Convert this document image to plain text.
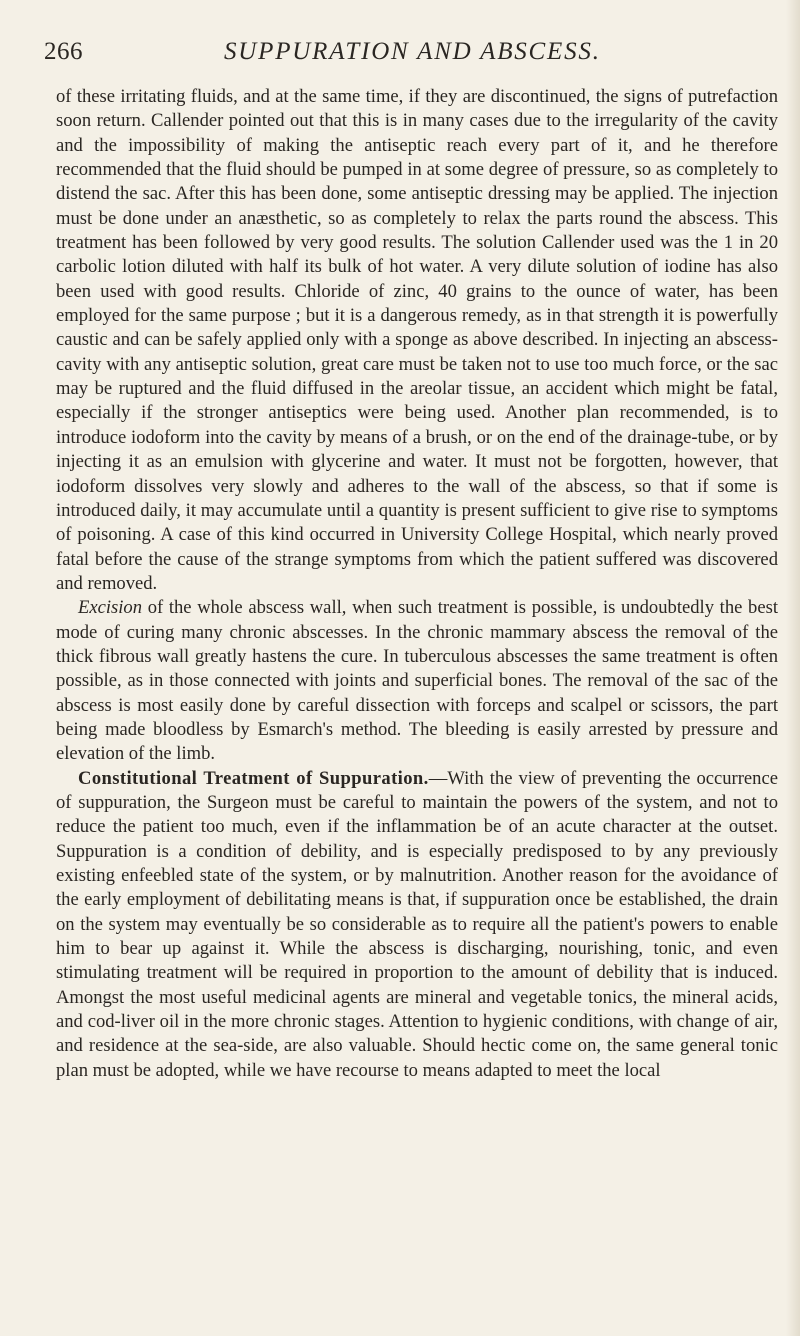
266	SUPPURATION AND ABSCESS.

of these irritating fluids, and at the same time, if they are discontinued, the signs of putrefaction soon return. Callender pointed out that this is in many cases due to the irregularity of the cavity and the impossibility of making the antiseptic reach every part of it, and he therefore recommended that the fluid should be pumped in at some degree of pressure, so as completely to distend the sac. After this has been done, some antiseptic dressing may be applied. The injection must be done under an anæsthetic, so as completely to relax the parts round the abscess. This treatment has been followed by very good results. The solution Callender used was the 1 in 20 carbolic lotion diluted with half its bulk of hot water. A very dilute solution of iodine has also been used with good results. Chloride of zinc, 40 grains to the ounce of water, has been employed for the same purpose ; but it is a dangerous remedy, as in that strength it is powerfully caustic and can be safely applied only with a sponge as above described. In injecting an abscess-cavity with any antiseptic solution, great care must be taken not to use too much force, or the sac may be ruptured and the fluid diffused in the areolar tissue, an accident which might be fatal, especially if the stronger antiseptics were being used. Another plan recommended, is to introduce iodoform into the cavity by means of a brush, or on the end of the drainage-tube, or by injecting it as an emulsion with glycerine and water. It must not be forgotten, however, that iodoform dissolves very slowly and adheres to the wall of the abscess, so that if some is introduced daily, it may accumulate until a quantity is present sufficient to give rise to symptoms of poisoning. A case of this kind occurred in University College Hospital, which nearly proved fatal before the cause of the strange symptoms from which the patient suffered was discovered and removed.

Excision of the whole abscess wall, when such treatment is possible, is undoubtedly the best mode of curing many chronic abscesses. In the chronic mammary abscess the removal of the thick fibrous wall greatly hastens the cure. In tuberculous abscesses the same treatment is often possible, as in those connected with joints and superficial bones. The removal of the sac of the abscess is most easily done by careful dissection with forceps and scalpel or scissors, the part being made bloodless by Esmarch's method. The bleeding is easily arrested by pressure and elevation of the limb.

Constitutional Treatment of Suppuration.—With the view of preventing the occurrence of suppuration, the Surgeon must be careful to maintain the powers of the system, and not to reduce the patient too much, even if the inflammation be of an acute character at the outset. Suppuration is a condition of debility, and is especially predisposed to by any previously existing enfeebled state of the system, or by malnutrition. Another reason for the avoidance of the early employment of debilitating means is that, if suppuration once be established, the drain on the system may eventually be so considerable as to require all the patient's powers to enable him to bear up against it. While the abscess is discharging, nourishing, tonic, and even stimulating treatment will be required in proportion to the amount of debility that is induced. Amongst the most useful medicinal agents are mineral and vegetable tonics, the mineral acids, and cod-liver oil in the more chronic stages. Attention to hygienic conditions, with change of air, and residence at the sea-side, are also valuable. Should hectic come on, the same general tonic plan must be adopted, while we have recourse to means adapted to meet the local
